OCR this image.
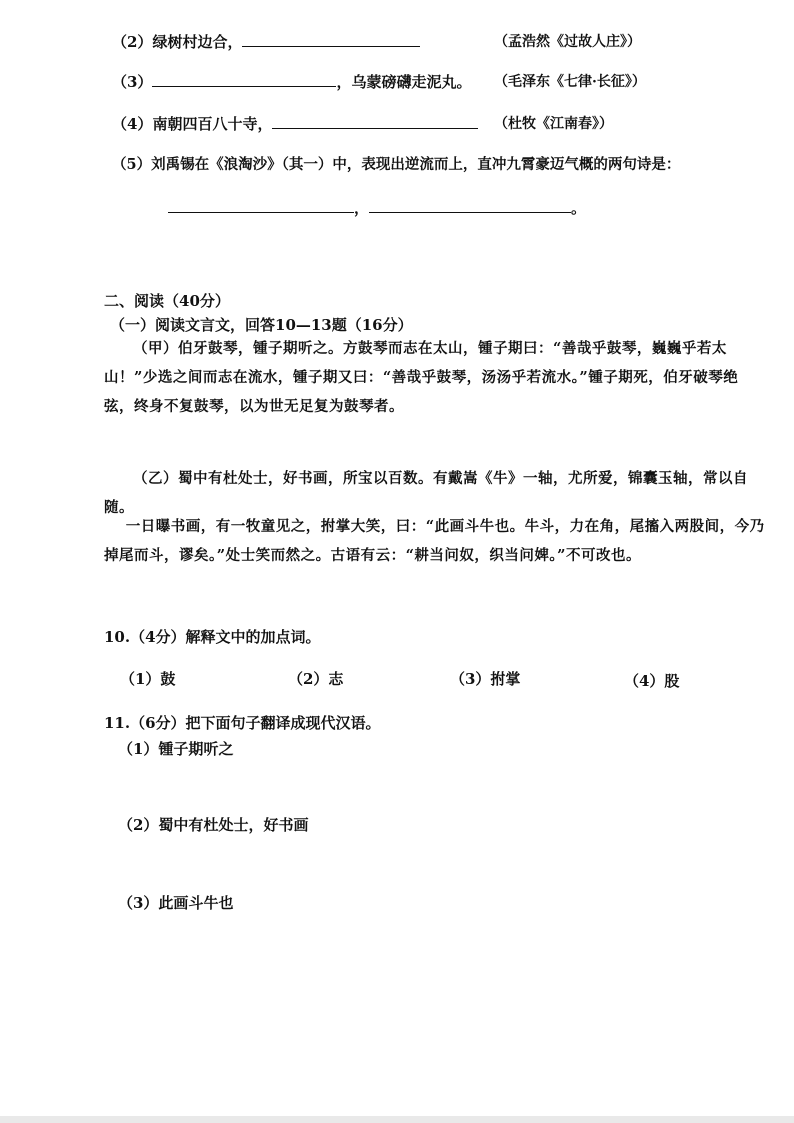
（2）绿树村边合，	（孟浩然《过故人庄》）
（3）	，乌蒙磅礴走泥丸。 （毛泽东《七律·长征》）
（4）南朝四百八十寺，	（杜牧《江南春》）
（5）刘禹锡在《浪淘沙》（其一）中，表现出逆流而上，直冲九霄豪迈气概的两句诗是：
，	。
二、阅读（40分）
（一）阅读文言文，回答10—13题（16分）
（甲）伯牙鼓琴，锺子期听之。方鼓琴而志在太山，锺子期曰：“善哉乎鼓琴，巍巍乎若太山！”少选之间而志在流水，锺子期又曰：“善哉乎鼓琴，汤汤乎若流水。”锺子期死，伯牙破琴绝弦，终身不复鼓琴，以为世无足复为鼓琴者。
（乙）蜀中有杜处士，好书画，所宝以百数。有戴嵩《牛》一轴，尤所爱，锦囊玉轴，常以自随。
一日曝书画，有一牧童见之，拊掌大笑，曰：“此画斗牛也。牛斗，力在角，尾搐入两股间，今乃掉尾而斗，谬矣。”处士笑而然之。古语有云：“耕当问奴，织当问婢。”不可改也。
10.（4分）解释文中的加点词。
（1）鼓	（2）志	（3）拊掌	（4）股
11.（6分）把下面句子翻译成现代汉语。
（1）锺子期听之
（2）蜀中有杜处士，好书画
（3）此画斗牛也
